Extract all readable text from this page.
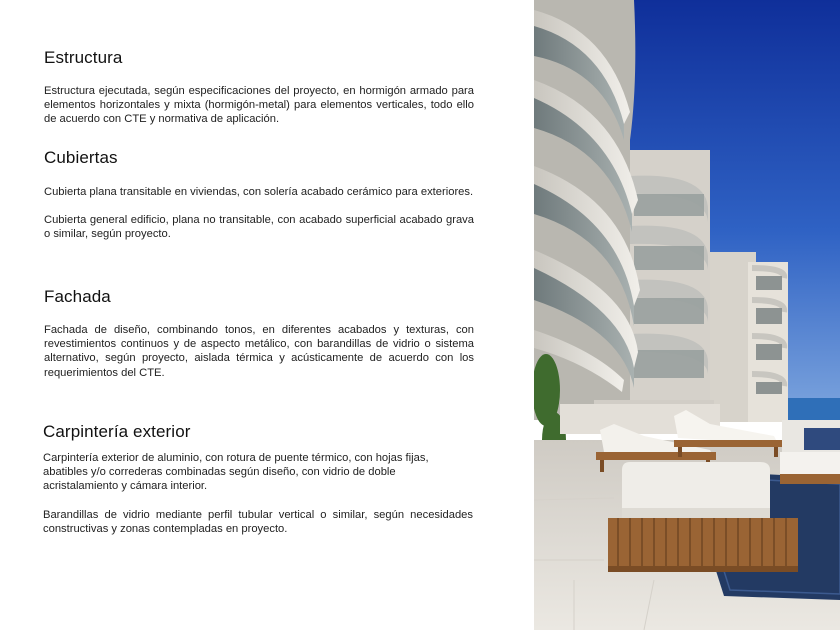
Estructura

Estructura ejecutada, según especificaciones del proyecto, en hormigón armado para elementos horizontales y mixta (hormigón-metal) para elementos verticales, todo ello de acuerdo con CTE y normativa de aplicación.

Cubiertas

Cubierta plana transitable en viviendas, con solería acabado cerámico para exteriores.

Cubierta general edificio, plana no transitable, con acabado superficial acabado grava o similar, según proyecto.

Fachada

Fachada de diseño, combinando tonos, en diferentes acabados y texturas, con revestimientos continuos y de aspecto metálico, con barandillas de vidrio o sistema alternativo, según proyecto, aislada térmica y acústicamente de acuerdo con los requerimientos del CTE.

Carpintería exterior

Carpintería exterior de aluminio, con rotura de puente térmico, con hojas fijas, abatibles y/o correderas combinadas según diseño, con vidrio de doble acristalamiento y cámara interior.

Barandillas de vidrio mediante perfil tubular vertical o similar, según necesidades constructivas y zonas contempladas en proyecto.
